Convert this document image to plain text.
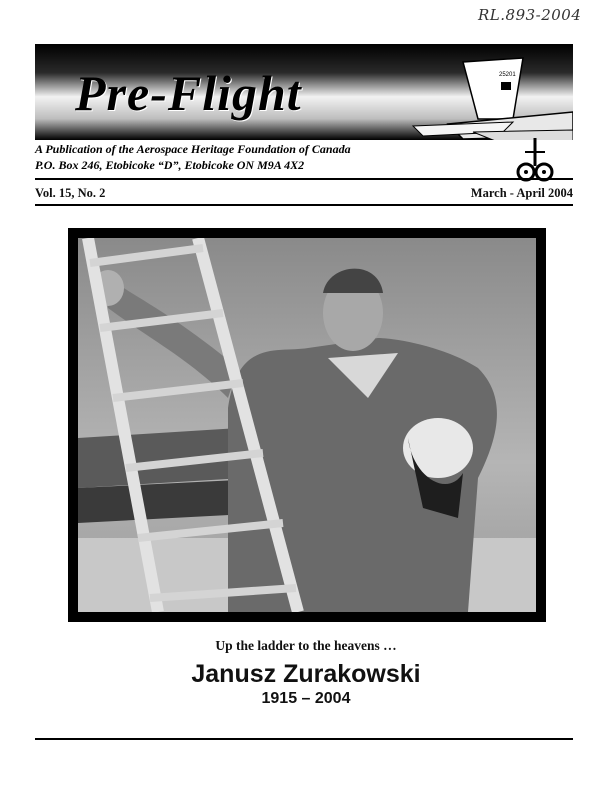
RL.893-2004
Pre-Flight	25201
A Publication of the Aerospace Heritage Foundation of Canada
P.O. Box 246, Etobicoke “D”, Etobicoke ON M9A 4X2
Vol. 15, No. 2	March - April 2004
Up the ladder to the heavens …
Janusz Zurakowski
1915 – 2004
